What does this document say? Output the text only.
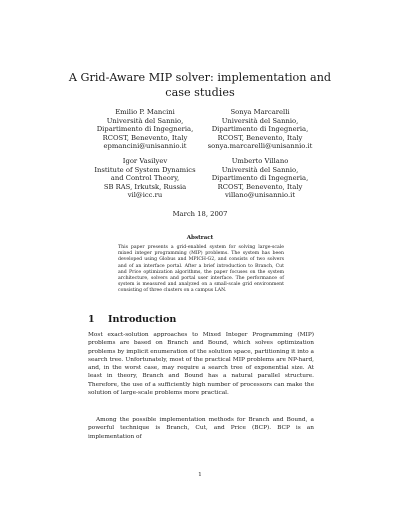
A Grid-Aware MIP solver: implementation and case studies
Emilio P. Mancini
Università del Sannio,
Dipartimento di Ingegneria,
RCOST, Benevento, Italy
epmancini@unisannio.it
Sonya Marcarelli
Università del Sannio,
Dipartimento di Ingegneria,
RCOST, Benevento, Italy
sonya.marcarelli@unisannio.it
Igor Vasilyev
Institute of System Dynamics
and Control Theory,
SB RAS, Irkutsk, Russia
vil@icc.ru
Umberto Villano
Università del Sannio,
Dipartimento di Ingegneria,
RCOST, Benevento, Italy
villano@unisannio.it
March 18, 2007
Abstract
This paper presents a grid-enabled system for solving large-scale mixed integer programming (MIP) problems. The system has been developed using Globus and MPICH-G2, and consists of two solvers and of an interface portal. After a brief introduction to Branch, Cut and Price optimization algorithms, the paper focuses on the system architecture, solvers and portal user interface. The performance of system is measured and analyzed on a small-scale grid environment consisting of three clusters on a campus LAN.
1 Introduction
Most exact-solution approaches to Mixed Integer Programming (MIP) problems are based on Branch and Bound, which solves optimization problems by implicit enumeration of the solution space, partitioning it into a search tree. Unfortunately, most of the practical MIP problems are NP-hard, and, in the worst case, may require a search tree of exponential size. At least in theory, Branch and Bound has a natural parallel structure. Therefore, the use of a sufficiently high number of processors can make the solution of large-scale problems more practical.
Among the possible implementation methods for Branch and Bound, a powerful technique is Branch, Cut, and Price (BCP). BCP is an implementation of
1
